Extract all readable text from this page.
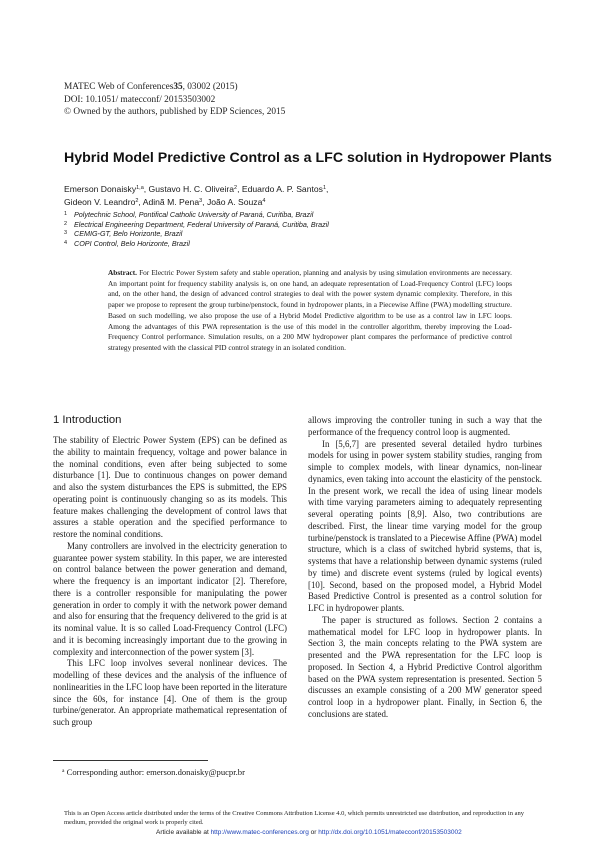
MATEC Web of Conferences35, 03002 (2015)
DOI: 10.1051/ matecconf/ 20153503002
© Owned by the authors, published by EDP Sciences, 2015
Hybrid Model Predictive Control as a LFC solution in Hydropower Plants
Emerson Donaisky$^{1,a}$, Gustavo H. C. Oliveira$^2$, Eduardo A. P. Santos$^1$,
Gideon V. Leandro$^2$, Adinã M. Pena$^3$, João A. Souza$^4$
1 Polytechnic School, Pontifical Catholic University of Paraná, Curitiba, Brazil
2 Electrical Engineering Department, Federal University of Paraná, Curitiba, Brazil
3 CEMIG-GT, Belo Horizonte, Brazil
4 COPI Control, Belo Horizonte, Brazil
Abstract. For Electric Power System safety and stable operation, planning and analysis by using simulation environments are necessary. An important point for frequency stability analysis is, on one hand, an adequate representation of Load-Frequency Control (LFC) loops and, on the other hand, the design of advanced control strategies to deal with the power system dynamic complexity. Therefore, in this paper we propose to represent the group turbine/penstock, found in hydropower plants, in a Piecewise Affine (PWA) modelling structure. Based on such modelling, we also propose the use of a Hybrid Model Predictive algorithm to be use as a control law in LFC loops. Among the advantages of this PWA representation is the use of this model in the controller algorithm, thereby improving the Load-Frequency Control performance. Simulation results, on a 200 MW hydropower plant compares the performance of predictive control strategy presented with the classical PID control strategy in an isolated condition.
1 Introduction

The stability of Electric Power System (EPS) can be defined as the ability to maintain frequency, voltage and power balance in the nominal conditions, even after being subjected to some disturbance [1]. Due to continuous changes on power demand and also the system disturbances the EPS is submitted, the EPS operating point is continuously changing so as its models. This feature makes challenging the development of control laws that assures a stable operation and the specified performance to restore the nominal conditions.

Many controllers are involved in the electricity generation to guarantee power system stability. In this paper, we are interested on control balance between the power generation and demand, where the frequency is an important indicator [2]. Therefore, there is a controller responsible for manipulating the power generation in order to comply it with the network power demand and also for ensuring that the frequency delivered to the grid is at its nominal value. It is so called Load-Frequency Control (LFC) and it is becoming increasingly important due to the growing in complexity and interconnection of the power system [3].

This LFC loop involves several nonlinear devices. The modelling of these devices and the analysis of the influence of nonlinearities in the LFC loop have been reported in the literature since the 60s, for instance [4]. One of them is the group turbine/generator. An appropriate mathematical representation of such group

allows improving the controller tuning in such a way that the performance of the frequency control loop is augmented.

In [5,6,7] are presented several detailed hydro turbines models for using in power system stability studies, ranging from simple to complex models, with linear dynamics, non-linear dynamics, even taking into account the elasticity of the penstock. In the present work, we recall the idea of using linear models with time varying parameters aiming to adequately representing several operating points [8,9]. Also, two contributions are described. First, the linear time varying model for the group turbine/penstock is translated to a Piecewise Affine (PWA) model structure, which is a class of switched hybrid systems, that is, systems that have a relationship between dynamic systems (ruled by time) and discrete event systems (ruled by logical events) [10]. Second, based on the proposed model, a Hybrid Model Based Predictive Control is presented as a control solution for LFC in hydropower plants.

The paper is structured as follows. Section 2 contains a mathematical model for LFC loop in hydropower plants. In Section 3, the main concepts relating to the PWA system are presented and the PWA representation for the LFC loop is proposed. In Section 4, a Hybrid Predictive Control algorithm based on the PWA system representation is presented. Section 5 discusses an example consisting of a 200 MW generator speed control loop in a hydropower plant. Finally, in Section 6, the conclusions are stated.

$^a$ Corresponding author: emerson.donaisky@pucpr.br
This is an Open Access article distributed under the terms of the Creative Commons Attribution License 4.0, which permits unrestricted use distribution, and reproduction in any medium, provided the original work is properly cited.
Article available at http://www.matec-conferences.org or http://dx.doi.org/10.1051/matecconf/20153503002
